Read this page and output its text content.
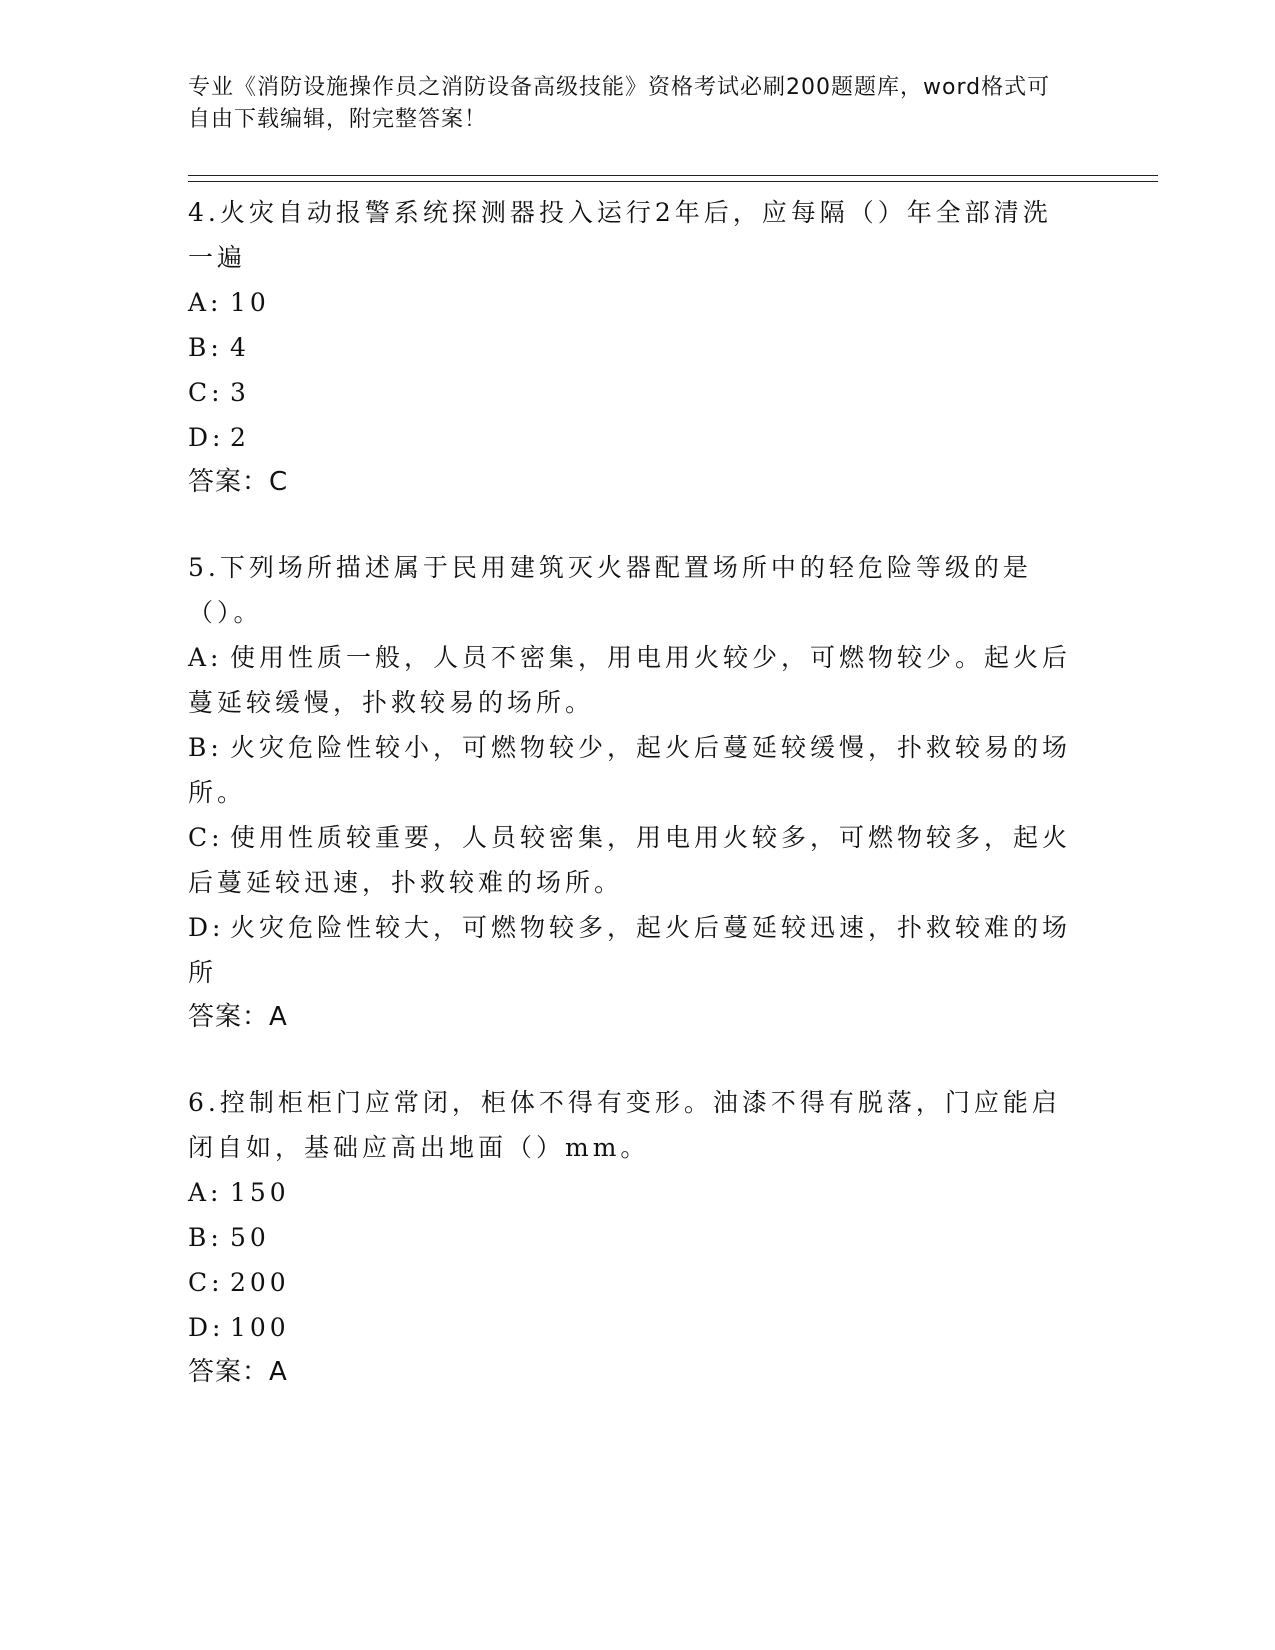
专业《消防设施操作员之消防设备高级技能》资格考试必刷200题题库，word格式可自由下载编辑，附完整答案！
4.火灾自动报警系统探测器投入运行2年后，应每隔（）年全部清洗一遍
A: 10
B: 4
C: 3
D: 2
答案：C
5.下列场所描述属于民用建筑灭火器配置场所中的轻危险等级的是（）。
A: 使用性质一般，人员不密集，用电用火较少，可燃物较少。起火后蔓延较缓慢，扑救较易的场所。
B: 火灾危险性较小，可燃物较少，起火后蔓延较缓慢，扑救较易的场所。
C: 使用性质较重要，人员较密集，用电用火较多，可燃物较多，起火后蔓延较迅速，扑救较难的场所。
D: 火灾危险性较大，可燃物较多，起火后蔓延较迅速，扑救较难的场所
答案：A
6.控制柜柜门应常闭，柜体不得有变形。油漆不得有脱落，门应能启闭自如，基础应高出地面（）mm。
A: 150
B: 50
C: 200
D: 100
答案：A
